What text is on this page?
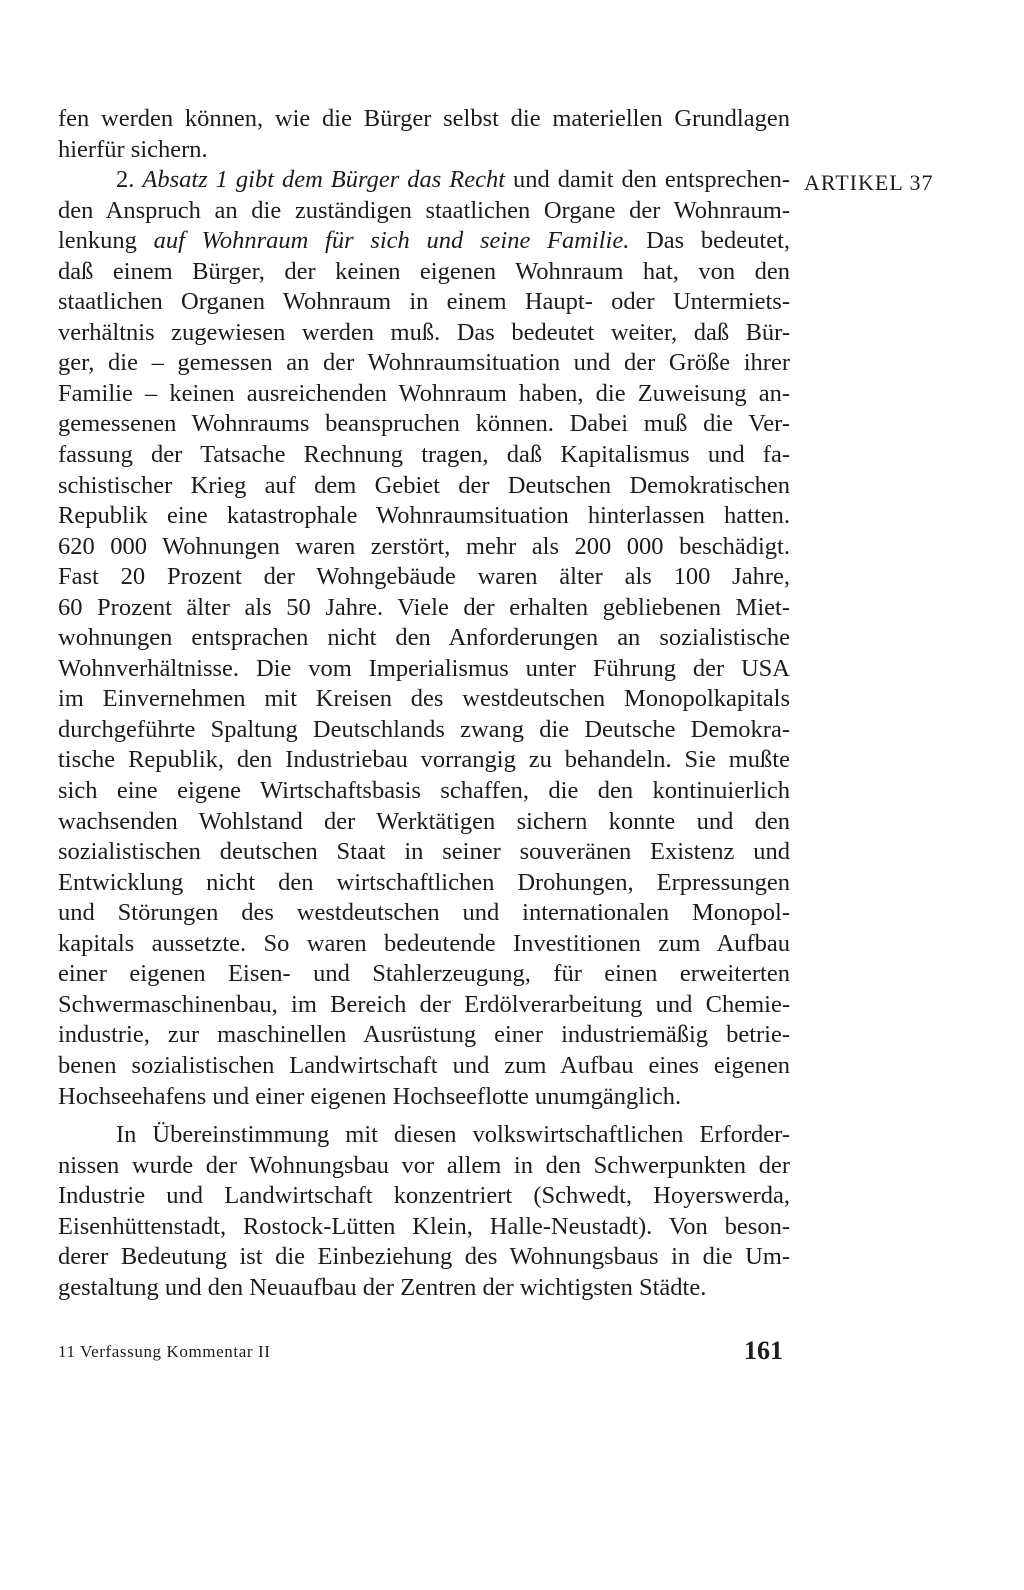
fen werden können, wie die Bürger selbst die materiellen Grundlagen
hierfür sichern.
2. Absatz 1 gibt dem Bürger das Recht und damit den entsprechen-
den Anspruch an die zuständigen staatlichen Organe der Wohnraum-
lenkung auf Wohnraum für sich und seine Familie. Das bedeutet,
daß einem Bürger, der keinen eigenen Wohnraum hat, von den
staatlichen Organen Wohnraum in einem Haupt- oder Untermiets-
verhältnis zugewiesen werden muß. Das bedeutet weiter, daß Bür-
ger, die – gemessen an der Wohnraumsituation und der Größe ihrer
Familie – keinen ausreichenden Wohnraum haben, die Zuweisung an-
gemessenen Wohnraums beanspruchen können. Dabei muß die Ver-
fassung der Tatsache Rechnung tragen, daß Kapitalismus und fa-
schistischer Krieg auf dem Gebiet der Deutschen Demokratischen
Republik eine katastrophale Wohnraumsituation hinterlassen hatten.
620 000 Wohnungen waren zerstört, mehr als 200 000 beschädigt.
Fast 20 Prozent der Wohngebäude waren älter als 100 Jahre,
60 Prozent älter als 50 Jahre. Viele der erhalten gebliebenen Miet-
wohnungen entsprachen nicht den Anforderungen an sozialistische
Wohnverhältnisse. Die vom Imperialismus unter Führung der USA
im Einvernehmen mit Kreisen des westdeutschen Monopolkapitals
durchgeführte Spaltung Deutschlands zwang die Deutsche Demokra-
tische Republik, den Industriebau vorrangig zu behandeln. Sie mußte
sich eine eigene Wirtschaftsbasis schaffen, die den kontinuierlich
wachsenden Wohlstand der Werktätigen sichern konnte und den
sozialistischen deutschen Staat in seiner souveränen Existenz und
Entwicklung nicht den wirtschaftlichen Drohungen, Erpressungen
und Störungen des westdeutschen und internationalen Monopol-
kapitals aussetzte. So waren bedeutende Investitionen zum Aufbau
einer eigenen Eisen- und Stahlerzeugung, für einen erweiterten
Schwermaschinenbau, im Bereich der Erdölverarbeitung und Chemie-
industrie, zur maschinellen Ausrüstung einer industriemäßig betrie-
benen sozialistischen Landwirtschaft und zum Aufbau eines eigenen
Hochseehafens und einer eigenen Hochseeflotte unumgänglich.
In Übereinstimmung mit diesen volkswirtschaftlichen Erforder-
nissen wurde der Wohnungsbau vor allem in den Schwerpunkten der
Industrie und Landwirtschaft konzentriert (Schwedt, Hoyerswerda,
Eisenhüttenstadt, Rostock-Lütten Klein, Halle-Neustadt). Von beson-
derer Bedeutung ist die Einbeziehung des Wohnungsbaus in die Um-
gestaltung und den Neuaufbau der Zentren der wichtigsten Städte.
ARTIKEL 37
11 Verfassung Kommentar II	161
